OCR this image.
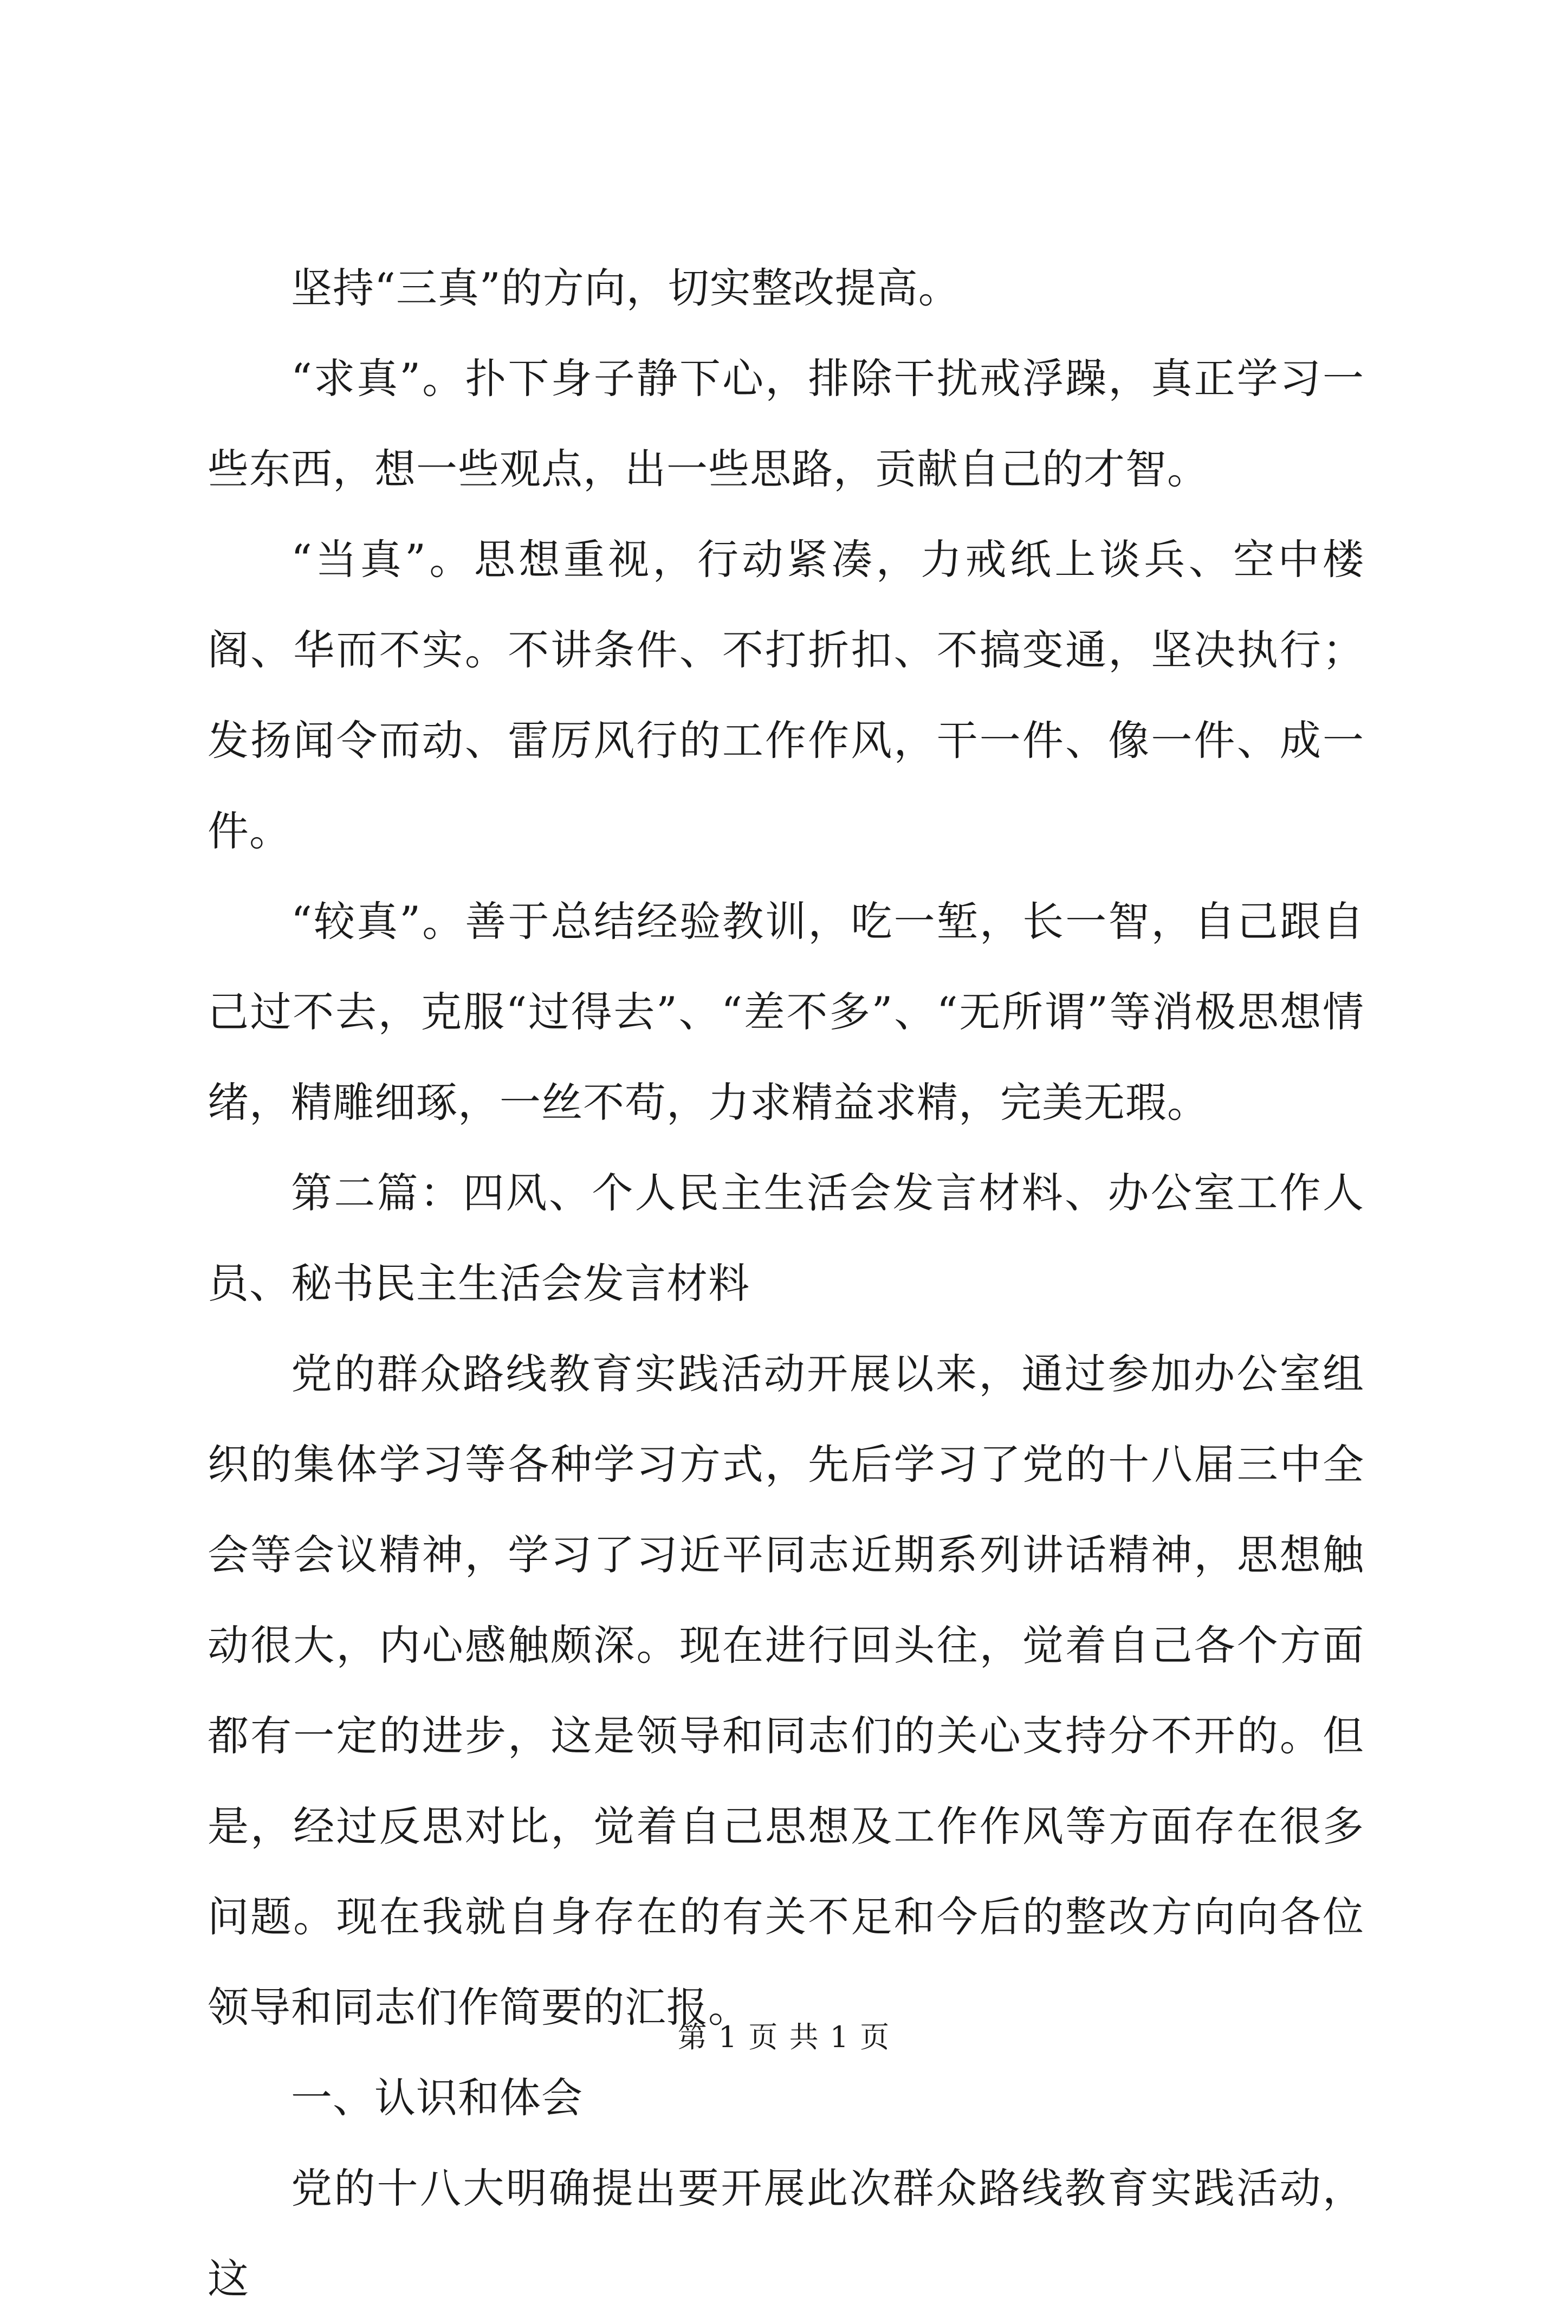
坚持“三真”的方向，切实整改提高。

“求真”。扑下身子静下心，排除干扰戒浮躁，真正学习一些东西，想一些观点，出一些思路，贡献自己的才智。

“当真”。思想重视，行动紧凑，力戒纸上谈兵、空中楼阁、华而不实。不讲条件、不打折扣、不搞变通，坚决执行；发扬闻令而动、雷厉风行的工作作风，干一件、像一件、成一件。

“较真”。善于总结经验教训，吃一堑，长一智，自己跟自己过不去，克服“过得去”、“差不多”、“无所谓”等消极思想情绪，精雕细琢，一丝不苟，力求精益求精，完美无瑕。

第二篇：四风、个人民主生活会发言材料、办公室工作人员、秘书民主生活会发言材料

党的群众路线教育实践活动开展以来，通过参加办公室组织的集体学习等各种学习方式，先后学习了党的十八届三中全会等会议精神，学习了习近平同志近期系列讲话精神，思想触动很大，内心感触颇深。现在进行回头往，觉着自己各个方面都有一定的进步，这是领导和同志们的关心支持分不开的。但是，经过反思对比，觉着自己思想及工作作风等方面存在很多问题。现在我就自身存在的有关不足和今后的整改方向向各位领导和同志们作简要的汇报。

一、认识和体会

党的十八大明确提出要开展此次群众路线教育实践活动，这

第 1 页 共 1 页
